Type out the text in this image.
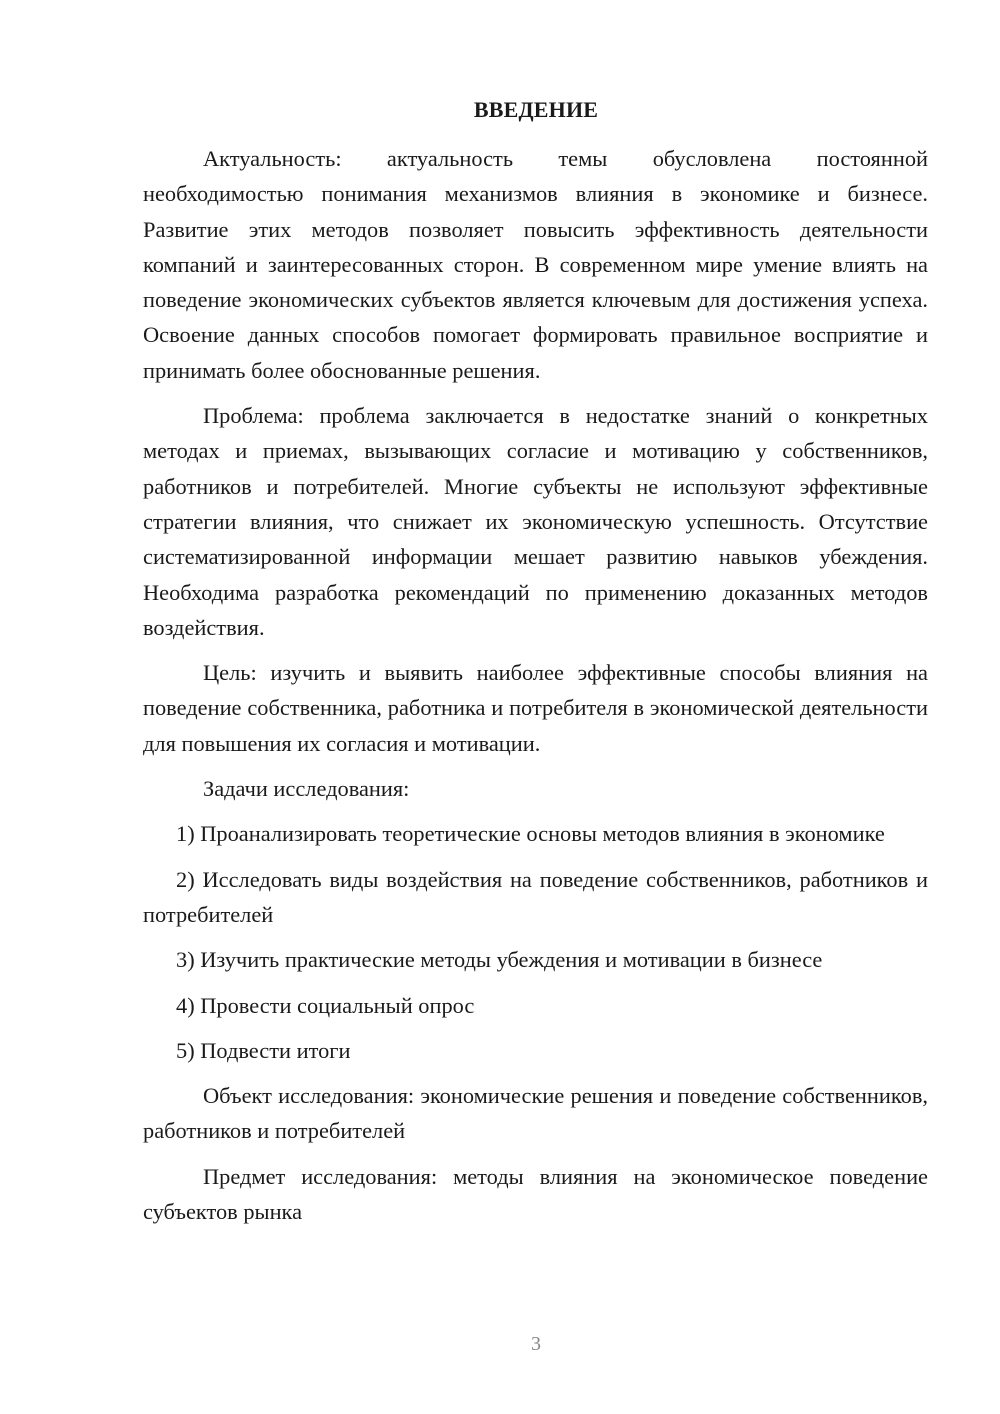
ВВЕДЕНИЕ

Актуальность: актуальность темы обусловлена постоянной необходимостью понимания механизмов влияния в экономике и бизнесе. Развитие этих методов позволяет повысить эффективность деятельности компаний и заинтересованных сторон. В современном мире умение влиять на поведение экономических субъектов является ключевым для достижения успеха. Освоение данных способов помогает формировать правильное восприятие и принимать более обоснованные решения.

Проблема: проблема заключается в недостатке знаний о конкретных методах и приемах, вызывающих согласие и мотивацию у собственников, работников и потребителей. Многие субъекты не используют эффективные стратегии влияния, что снижает их экономическую успешность. Отсутствие систематизированной информации мешает развитию навыков убеждения. Необходима разработка рекомендаций по применению доказанных методов воздействия.

Цель: изучить и выявить наиболее эффективные способы влияния на поведение собственника, работника и потребителя в экономической деятельности для повышения их согласия и мотивации.

Задачи исследования:

1) Проанализировать теоретические основы методов влияния в экономике

2) Исследовать виды воздействия на поведение собственников, работников и потребителей

3) Изучить практические методы убеждения и мотивации в бизнесе

4) Провести социальный опрос

5) Подвести итоги

Объект исследования: экономические решения и поведение собственников, работников и потребителей

Предмет исследования: методы влияния на экономическое поведение субъектов рынка

3
